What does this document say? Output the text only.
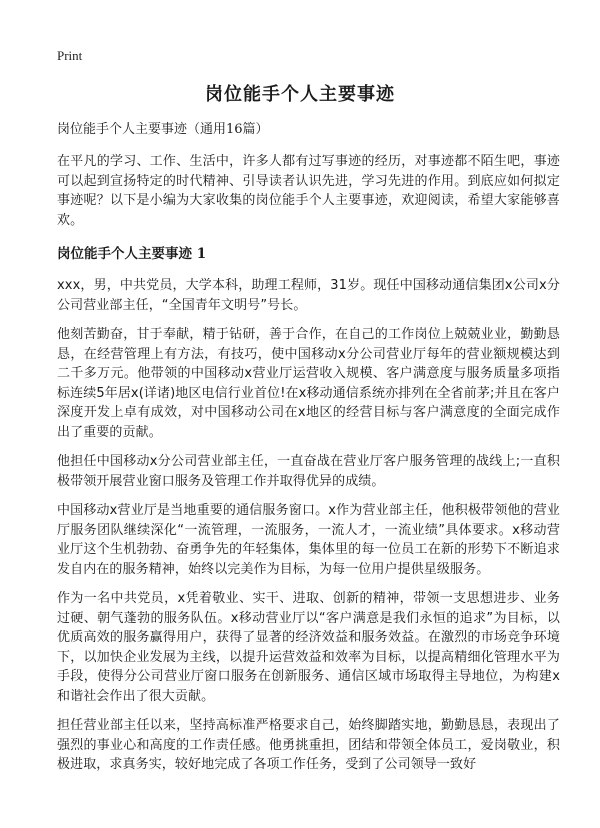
Print
岗位能手个人主要事迹
岗位能手个人主要事迹（通用16篇）

在平凡的学习、工作、生活中，许多人都有过写事迹的经历，对事迹都不陌生吧，事迹可以起到宣扬特定的时代精神、引导读者认识先进，学习先进的作用。到底应如何拟定事迹呢？以下是小编为大家收集的岗位能手个人主要事迹，欢迎阅读，希望大家能够喜欢。

岗位能手个人主要事迹 1

xxx，男，中共党员，大学本科，助理工程师，31岁。现任中国移动通信集团x公司x分公司营业部主任，“全国青年文明号”号长。

他刻苦勤奋，甘于奉献，精于钻研，善于合作，在自己的工作岗位上兢兢业业，勤勤恳恳，在经营管理上有方法，有技巧，使中国移动x分公司营业厅每年的营业额规模达到二千多万元。他带领的中国移动x营业厅运营收入规模、客户满意度与服务质量多项指标连续5年居x(详诸)地区电信行业首位!在x移动通信系统亦排列在全省前茅;并且在客户深度开发上卓有成效，对中国移动公司在x地区的经营目标与客户满意度的全面完成作出了重要的贡献。

他担任中国移动x分公司营业部主任，一直奋战在营业厅客户服务管理的战线上;一直积极带领开展营业窗口服务及管理工作并取得优异的成绩。

中国移动x营业厅是当地重要的通信服务窗口。x作为营业部主任，他积极带领他的营业厅服务团队继续深化“一流管理，一流服务，一流人才，一流业绩”具体要求。x移动营业厅这个生机勃勃、奋勇争先的年轻集体，集体里的每一位员工在新的形势下不断追求发自内在的服务精神，始终以完美作为目标，为每一位用户提供星级服务。

作为一名中共党员，x凭着敬业、实干、进取、创新的精神，带领一支思想进步、业务过硬、朝气蓬勃的服务队伍。x移动营业厅以“客户满意是我们永恒的追求”为目标，以优质高效的服务赢得用户，获得了显著的经济效益和服务效益。在激烈的市场竞争环境下，以加快企业发展为主线，以提升运营效益和效率为目标，以提高精细化管理水平为手段，使得分公司营业厅窗口服务在创新服务、通信区域市场取得主导地位，为构建x和谐社会作出了很大贡献。

担任营业部主任以来，坚持高标准严格要求自己，始终脚踏实地，勤勤恳恳，表现出了强烈的事业心和高度的工作责任感。他勇挑重担，团结和带领全体员工，爱岗敬业，积极进取，求真务实，较好地完成了各项工作任务，受到了公司领导一致好
